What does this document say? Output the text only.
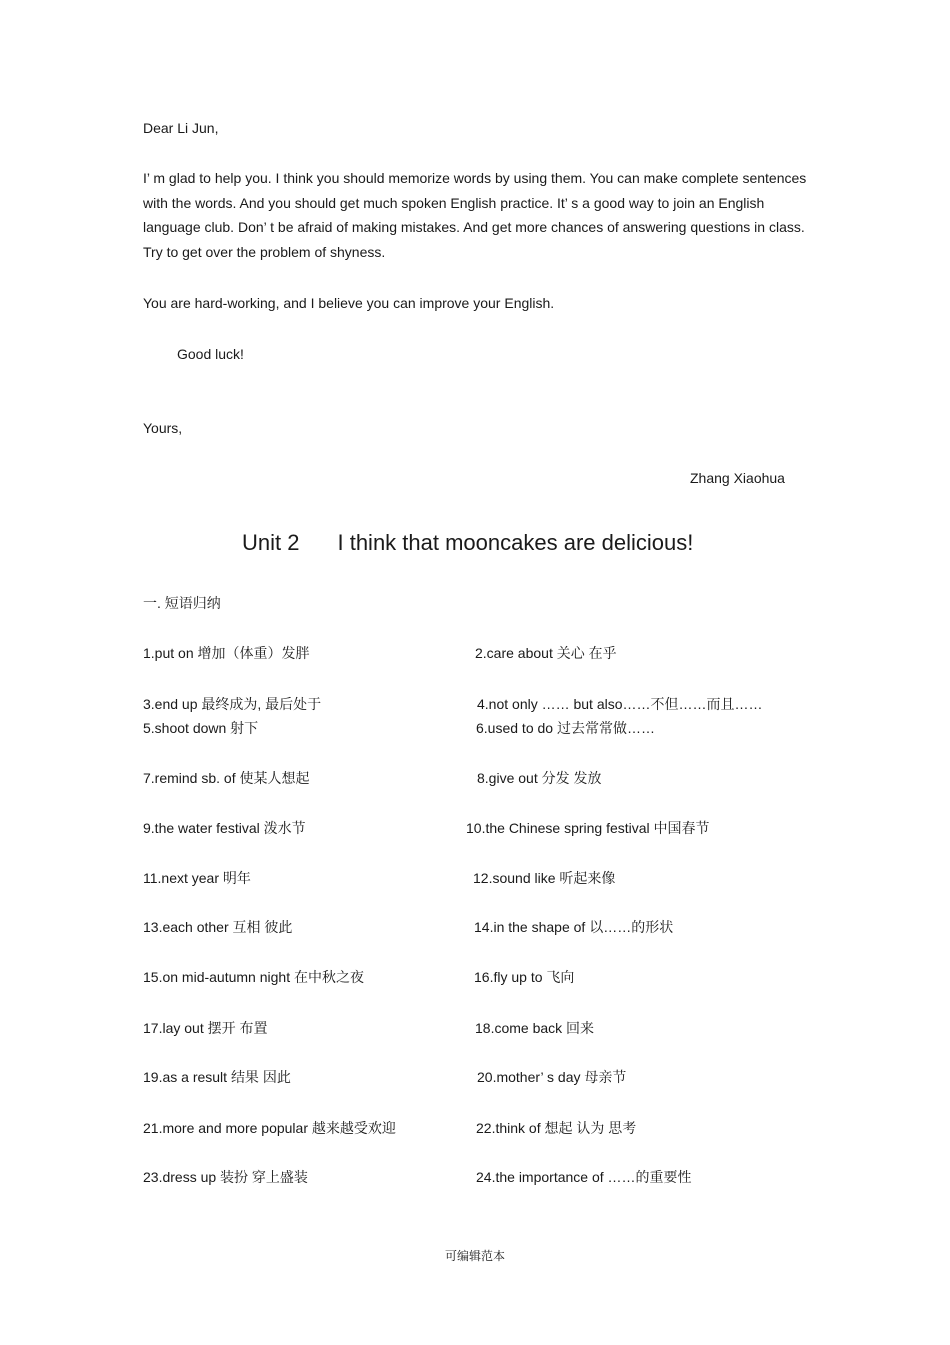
Dear Li Jun,
I’ m glad to help you. I think you should memorize words by using them. You can make complete sentences with the words. And you should get much spoken English practice. It’ s a good way to join an English language club. Don’ t be afraid of making mistakes. And get more chances of answering questions in class. Try to get over the problem of shyness.
You are hard-working, and I believe you can improve your English.
Good luck!
Yours,
Zhang Xiaohua
Unit 2 I think that mooncakes are delicious!
一. 短语归纳
1.put on 增加（体重）发胖	2.care about 关心 在乎
3.end up 最终成为, 最后处于	4.not only …… but also……不但……而且……
5.shoot down 射下	6.used to do 过去常常做……
7.remind sb. of 使某人想起	8.give out 分发 发放
9.the water festival 泼水节	10.the Chinese spring festival 中国春节
11.next year 明年	12.sound like 听起来像
13.each other 互相 彼此	14.in the shape of 以……的形状
15.on mid-autumn night 在中秋之夜	16.fly up to 飞向
17.lay out 摆开 布置	18.come back 回来
19.as a result 结果 因此	20.mother’ s day 母亲节
21.more and more popular 越来越受欢迎	22.think of 想起 认为 思考
23.dress up 装扮 穿上盛装	24.the importance of ……的重要性
可编辑范本
